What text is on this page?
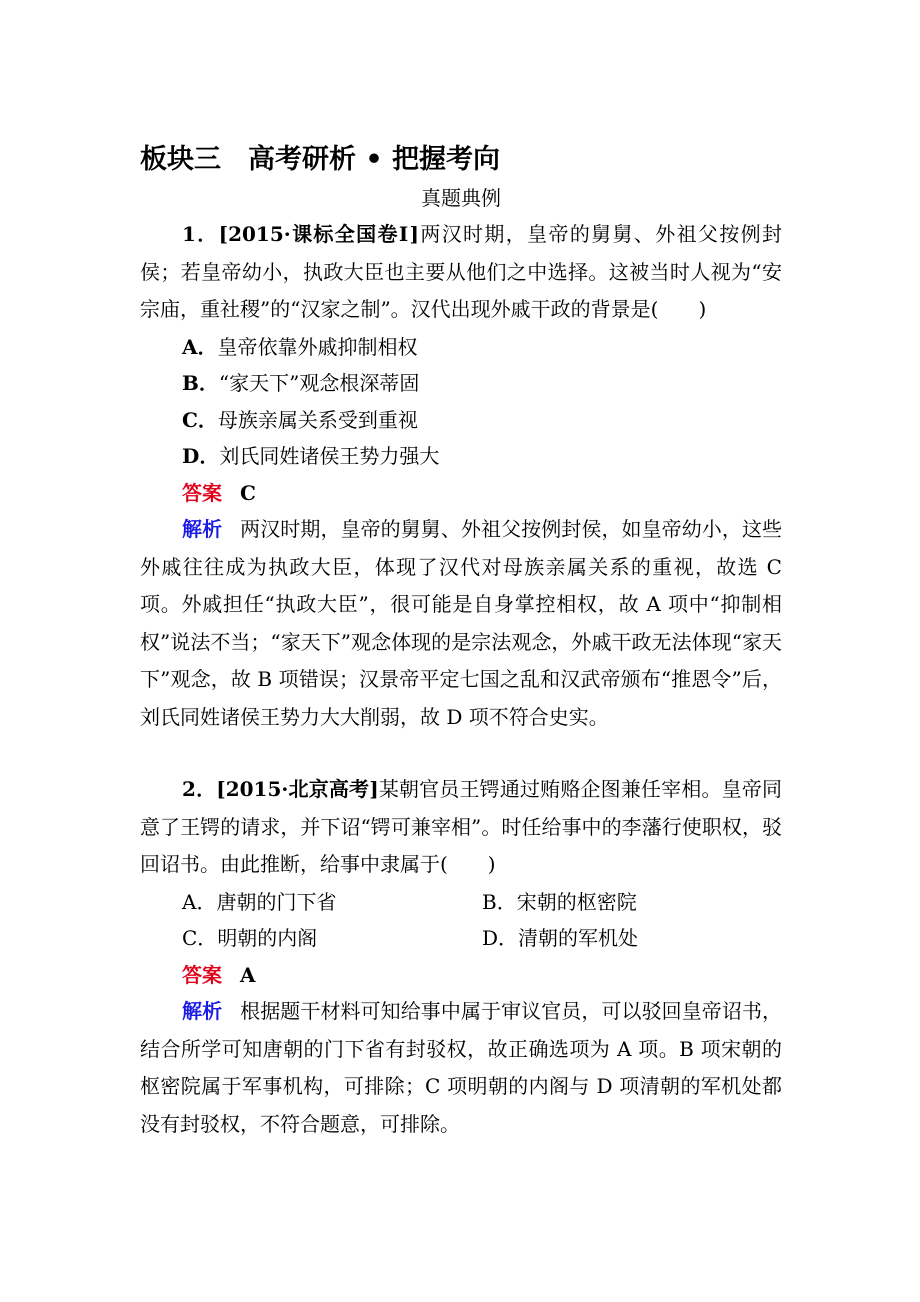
板块三　高考研析 • 把握考向

真题典例

1．[2015·课标全国卷Ⅰ]两汉时期，皇帝的舅舅、外祖父按例封侯；若皇帝幼小，执政大臣也主要从他们之中选择。这被当时人视为“安宗庙，重社稷”的“汉家之制”。汉代出现外戚干政的背景是(　　)

A．皇帝依靠外戚抑制相权

B．“家天下”观念根深蒂固

C．母族亲属关系受到重视

D．刘氏同姓诸侯王势力强大

答案 C

解析 两汉时期，皇帝的舅舅、外祖父按例封侯，如皇帝幼小，这些外戚往往成为执政大臣，体现了汉代对母族亲属关系的重视，故选 C 项。外戚担任“执政大臣”，很可能是自身掌控相权，故 A 项中“抑制相权”说法不当；“家天下”观念体现的是宗法观念，外戚干政无法体现“家天下”观念，故 B 项错误；汉景帝平定七国之乱和汉武帝颁布“推恩令”后，刘氏同姓诸侯王势力大大削弱，故 D 项不符合史实。

2．[2015·北京高考]某朝官员王锷通过贿赂企图兼任宰相。皇帝同意了王锷的请求，并下诏“锷可兼宰相”。时任给事中的李藩行使职权，驳回诏书。由此推断，给事中隶属于(　　)

A．唐朝的门下省	B．宋朝的枢密院
C．明朝的内阁	D．清朝的军机处

答案 A

解析 根据题干材料可知给事中属于审议官员，可以驳回皇帝诏书，结合所学可知唐朝的门下省有封驳权，故正确选项为 A 项。B 项宋朝的枢密院属于军事机构，可排除；C 项明朝的内阁与 D 项清朝的军机处都没有封驳权，不符合题意，可排除。
